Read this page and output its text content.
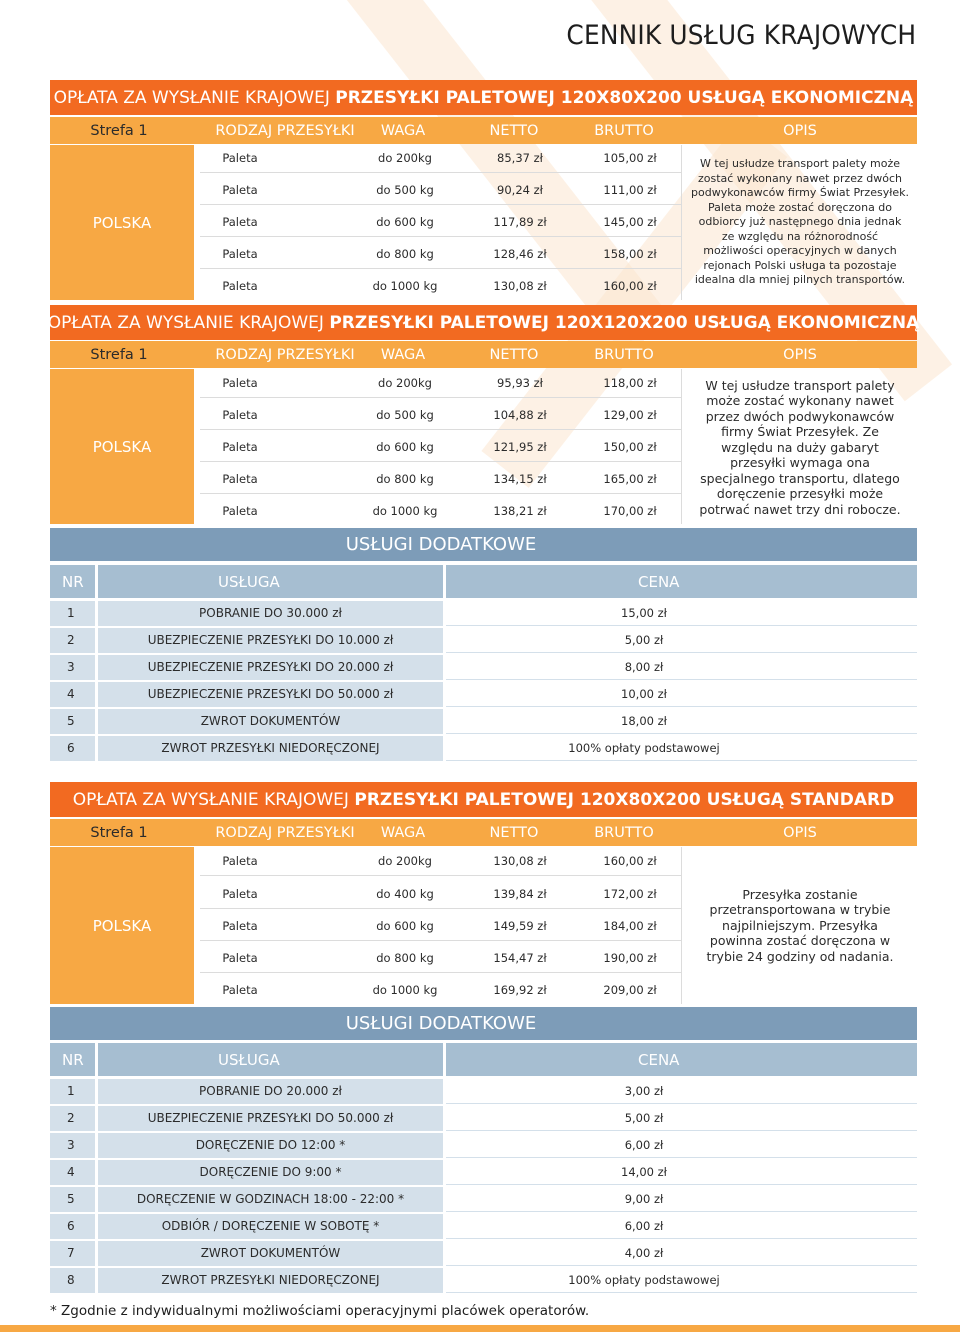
CENNIK USŁUG KRAJOWYCH
OPŁATA ZA WYSŁANIE KRAJOWEJ PRZESYŁKI PALETOWEJ 120X80X200 USŁUGĄ EKONOMICZNĄ
Strefa 1	RODZAJ PRZESYŁKI	WAGA	NETTO	BRUTTO	OPIS
POLSKA
Paleta	do 200kg	85,37 zł	105,00 zł
Paleta	do 500 kg	90,24 zł	111,00 zł
Paleta	do 600 kg	117,89 zł	145,00 zł
Paleta	do 800 kg	128,46 zł	158,00 zł
Paleta	do 1000 kg	130,08 zł	160,00 zł
W tej usłudze transport palety może zostać wykonany nawet przez dwóch podwykonawców firmy Świat Przesyłek. Paleta może zostać doręczona do odbiorcy już następnego dnia jednak ze względu na różnorodność możliwości operacyjnych w danych rejonach Polski usługa ta pozostaje idealna dla mniej pilnych transportów.
OPŁATA ZA WYSŁANIE KRAJOWEJ PRZESYŁKI PALETOWEJ 120X120X200 USŁUGĄ EKONOMICZNĄ
Strefa 1	RODZAJ PRZESYŁKI	WAGA	NETTO	BRUTTO	OPIS
POLSKA
Paleta	do 200kg	95,93 zł	118,00 zł
Paleta	do 500 kg	104,88 zł	129,00 zł
Paleta	do 600 kg	121,95 zł	150,00 zł
Paleta	do 800 kg	134,15 zł	165,00 zł
Paleta	do 1000 kg	138,21 zł	170,00 zł
W tej usłudze transport palety może zostać wykonany nawet przez dwóch podwykonawców firmy Świat Przesyłek. Ze względu na duży gabaryt przesyłki wymaga ona specjalnego transportu, dlatego doręczenie przesyłki może potrwać nawet trzy dni robocze.
USŁUGI DODATKOWE
NR	USŁUGA	CENA
1	POBRANIE DO 30.000 zł	15,00 zł
2	UBEZPIECZENIE PRZESYŁKI DO 10.000 zł	5,00 zł
3	UBEZPIECZENIE PRZESYŁKI DO 20.000 zł	8,00 zł
4	UBEZPIECZENIE PRZESYŁKI DO 50.000 zł	10,00 zł
5	ZWROT DOKUMENTÓW	18,00 zł
6	ZWROT PRZESYŁKI NIEDORĘCZONEJ	100% opłaty podstawowej
OPŁATA ZA WYSŁANIE KRAJOWEJ PRZESYŁKI PALETOWEJ 120X80X200 USŁUGĄ STANDARD
Strefa 1	RODZAJ PRZESYŁKI	WAGA	NETTO	BRUTTO	OPIS
POLSKA
Paleta	do 200kg	130,08 zł	160,00 zł
Paleta	do 400 kg	139,84 zł	172,00 zł
Paleta	do 600 kg	149,59 zł	184,00 zł
Paleta	do 800 kg	154,47 zł	190,00 zł
Paleta	do 1000 kg	169,92 zł	209,00 zł
Przesyłka zostanie przetransportowana w trybie najpilniejszym. Przesyłka powinna zostać doręczona w trybie 24 godziny od nadania.
USŁUGI DODATKOWE
NR	USŁUGA	CENA
1	POBRANIE DO 20.000 zł	3,00 zł
2	UBEZPIECZENIE PRZESYŁKI DO 50.000 zł	5,00 zł
3	DORĘCZENIE DO 12:00 *	6,00 zł
4	DORĘCZENIE DO 9:00 *	14,00 zł
5	DORĘCZENIE W GODZINACH 18:00 - 22:00 *	9,00 zł
6	ODBIÓR / DORĘCZENIE W SOBOTĘ *	6,00 zł
7	ZWROT DOKUMENTÓW	4,00 zł
8	ZWROT PRZESYŁKI NIEDORĘCZONEJ	100% opłaty podstawowej

* Zgodnie z indywidualnymi możliwościami operacyjnymi placówek operatorów.
